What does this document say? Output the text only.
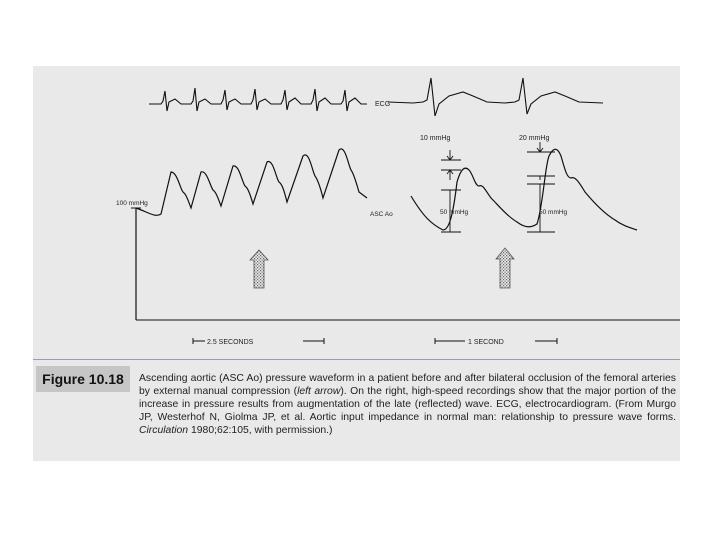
ECG
100 mmHg
ASC Ao
10 mmHg
50 mmHg
20 mmHg
50 mmHg
2.5 SECONDS	1 SECOND
Figure 10.18	Ascending aortic (ASC Ao) pressure waveform in a patient before and after bilateral occlusion of the femoral arteries by external manual compression (left arrow). On the right, high-speed recordings show that the major portion of the increase in pressure results from augmentation of the late (reflected) wave. ECG, electrocardiogram. (From Murgo JP, Westerhof N, Giolma JP, et al. Aortic input impedance in normal man: relationship to pressure wave forms. Circulation 1980;62:105, with permission.)
